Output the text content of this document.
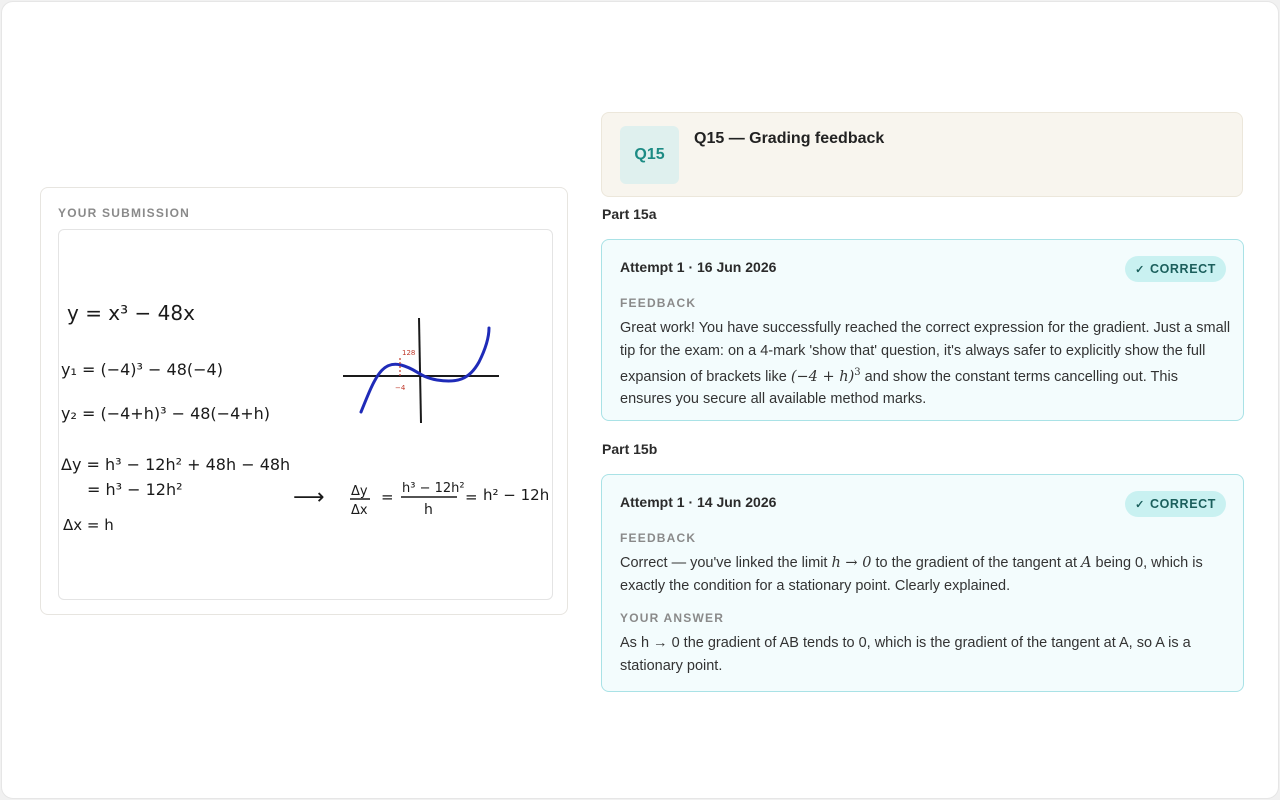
YOUR SUBMISSION
y = x³ − 48x
y₁ = (−4)³ − 48(−4)
y₂ = (−4+h)³ − 48(−4+h)
Δy = h³ − 12h² + 48h − 48h
= h³ − 12h²
Δx = h
⟶ Δy
Δx
= h³ − 12h²
h
= h² − 12h
128
−4
Q15
Q15 — Grading feedback
Part 15a
Attempt 1 · 16 Jun 2026	✓ CORRECT
FEEDBACK
Great work! You have successfully reached the correct expression for the gradient. Just a small tip for the exam: on a 4-mark 'show that' question, it's always safer to explicitly show the full expansion of brackets like $(-4 + h)^3$ and show the constant terms cancelling out. This ensures you secure all available method marks.
Part 15b
Attempt 1 · 14 Jun 2026	✓ CORRECT
FEEDBACK
Correct — you've linked the limit h → 0 to the gradient of the tangent at A being 0, which is exactly the condition for a stationary point. Clearly explained.
YOUR ANSWER
As h → 0 the gradient of AB tends to 0, which is the gradient of the tangent at A, so A is a stationary point.
